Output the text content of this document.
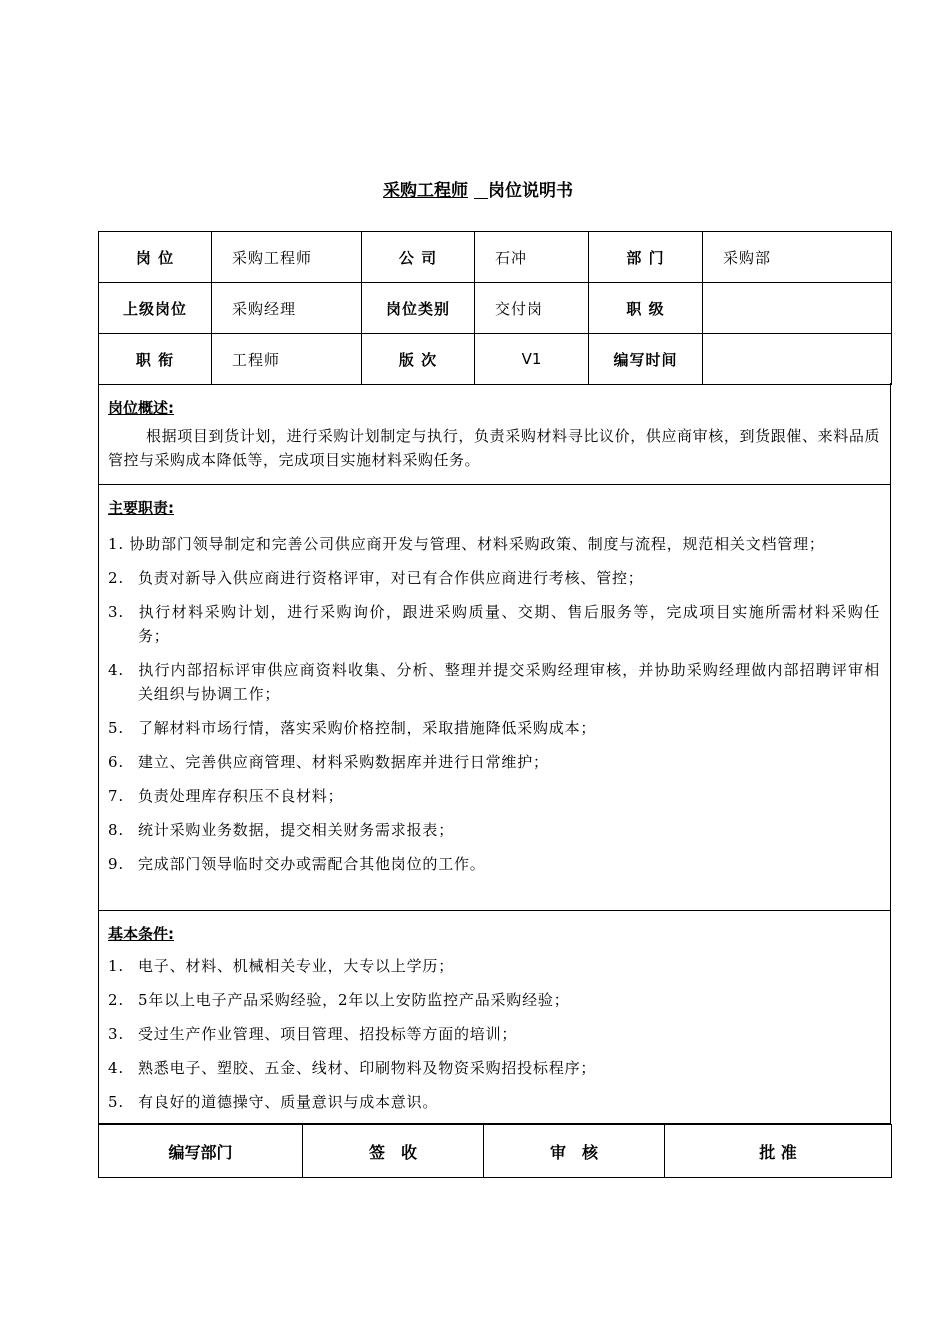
采购工程师 岗位说明书
岗 位	采购工程师	公 司	石冲	部 门	采购部
上级岗位	采购经理	岗位类别	交付岗	职 级	
职 衔	工程师	版 次	V1	编写时间	
岗位概述:
根据项目到货计划，进行采购计划制定与执行，负责采购材料寻比议价，供应商审核，到货跟催、来料品质管控与采购成本降低等，完成项目实施材料采购任务。
主要职责:
1. 协助部门领导制定和完善公司供应商开发与管理、材料采购政策、制度与流程，规范相关文档管理；
2. 负责对新导入供应商进行资格评审，对已有合作供应商进行考核、管控；
3. 执行材料采购计划，进行采购询价，跟进采购质量、交期、售后服务等，完成项目实施所需材料采购任务；
4. 执行内部招标评审供应商资料收集、分析、整理并提交采购经理审核，并协助采购经理做内部招聘评审相关组织与协调工作；
5. 了解材料市场行情，落实采购价格控制，采取措施降低采购成本；
6. 建立、完善供应商管理、材料采购数据库并进行日常维护；
7. 负责处理库存积压不良材料；
8. 统计采购业务数据，提交相关财务需求报表；
9. 完成部门领导临时交办或需配合其他岗位的工作。
基本条件:
1. 电子、材料、机械相关专业，大专以上学历；
2. 5年以上电子产品采购经验，2年以上安防监控产品采购经验；
3. 受过生产作业管理、项目管理、招投标等方面的培训；
4. 熟悉电子、塑胶、五金、线材、印刷物料及物资采购招投标程序；
5. 有良好的道德操守、质量意识与成本意识。
编写部门	签　收	审　核	批 准
